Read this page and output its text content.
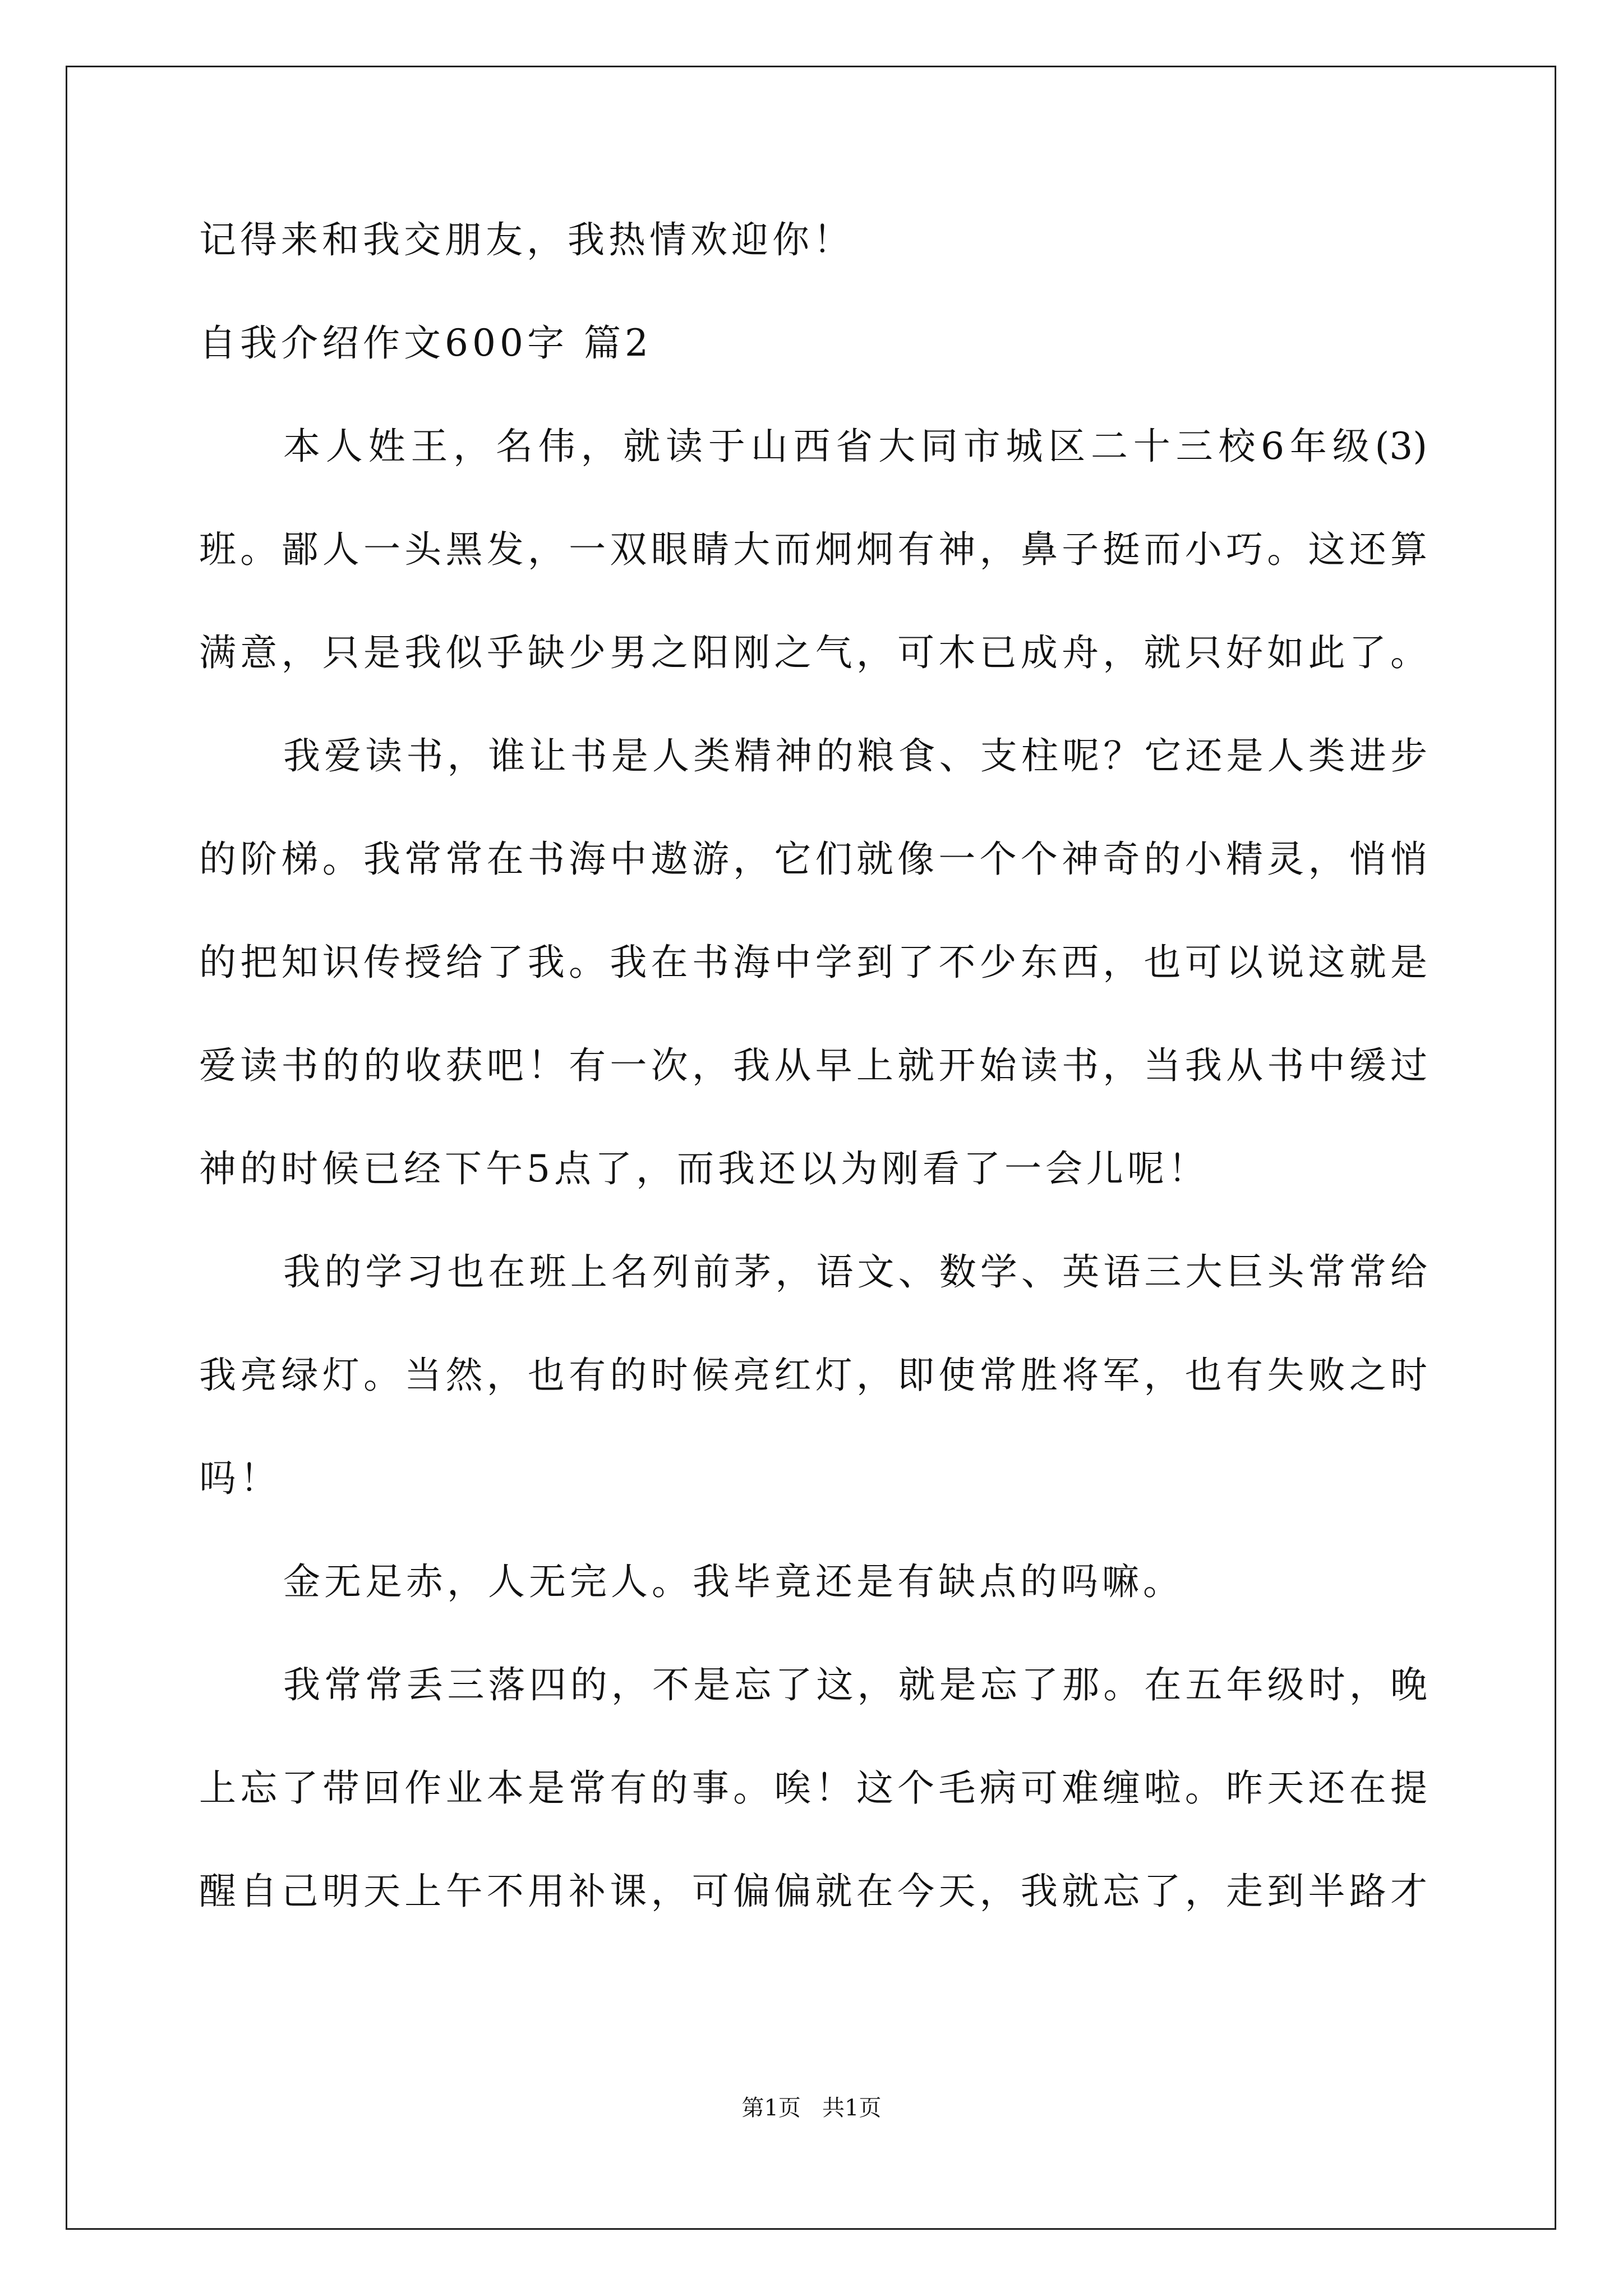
记得来和我交朋友，我热情欢迎你！
自我介绍作文600字 篇2
本人姓王，名伟，就读于山西省大同市城区二十三校6年级(3)
班。鄙人一头黑发，一双眼睛大而炯炯有神，鼻子挺而小巧。这还算
满意，只是我似乎缺少男之阳刚之气，可木已成舟，就只好如此了。
我爱读书，谁让书是人类精神的粮食、支柱呢？它还是人类进步
的阶梯。我常常在书海中遨游，它们就像一个个神奇的小精灵，悄悄
的把知识传授给了我。我在书海中学到了不少东西，也可以说这就是
爱读书的的收获吧！有一次，我从早上就开始读书，当我从书中缓过
神的时候已经下午5点了，而我还以为刚看了一会儿呢！
我的学习也在班上名列前茅，语文、数学、英语三大巨头常常给
我亮绿灯。当然，也有的时候亮红灯，即使常胜将军，也有失败之时
吗！
金无足赤，人无完人。我毕竟还是有缺点的吗嘛。
我常常丢三落四的，不是忘了这，就是忘了那。在五年级时，晚
上忘了带回作业本是常有的事。唉！这个毛病可难缠啦。昨天还在提
醒自己明天上午不用补课，可偏偏就在今天，我就忘了，走到半路才
第1页   共1页
